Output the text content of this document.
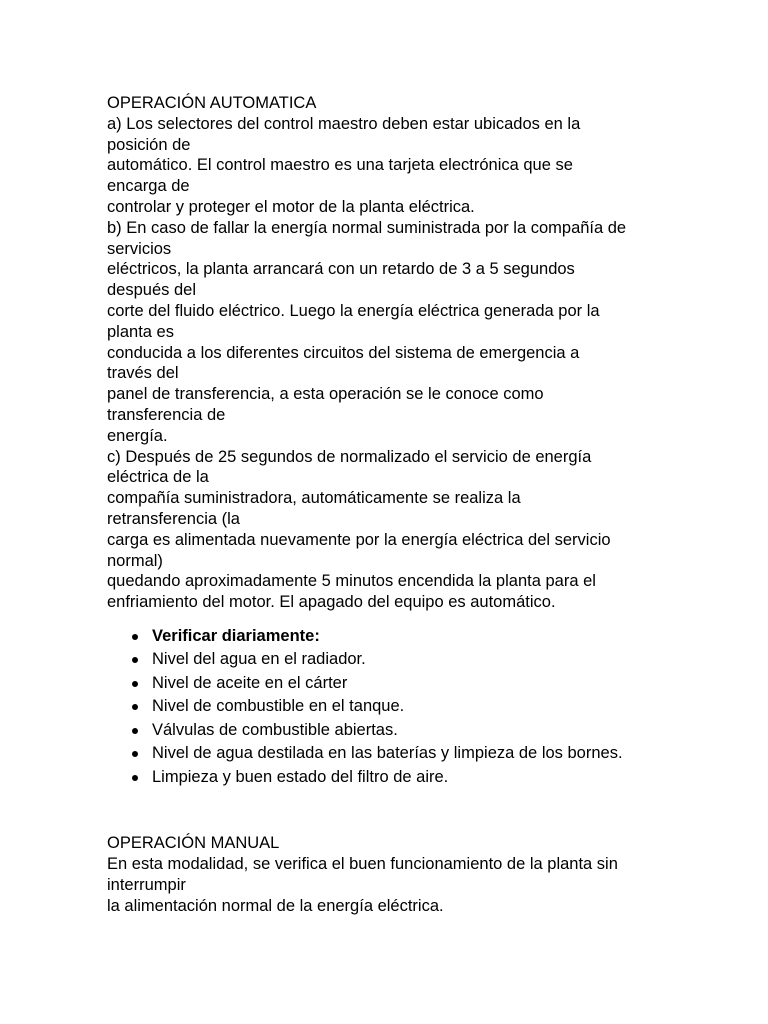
OPERACIÓN AUTOMATICA
a) Los selectores del control maestro deben estar ubicados en la
posición de
automático. El control maestro es una tarjeta electrónica que se
encarga de
controlar y proteger el motor de la planta eléctrica.
b) En caso de fallar la energía normal suministrada por la compañía de
servicios
eléctricos, la planta arrancará con un retardo de 3 a 5 segundos
después del
corte del fluido eléctrico. Luego la energía eléctrica generada por la
planta es
conducida a los diferentes circuitos del sistema de emergencia a
través del
panel de transferencia, a esta operación se le conoce como
transferencia de
energía.
c) Después de 25 segundos de normalizado el servicio de energía
eléctrica de la
compañía suministradora, automáticamente se realiza la
retransferencia (la
carga es alimentada nuevamente por la energía eléctrica del servicio
normal)
quedando aproximadamente 5 minutos encendida la planta para el
enfriamiento del motor. El apagado del equipo es automático.
Verificar diariamente:
Nivel del agua en el radiador.
Nivel de aceite en el cárter
Nivel de combustible en el tanque.
Válvulas de combustible abiertas.
Nivel de agua destilada en las baterías y limpieza de los bornes.
Limpieza y buen estado del filtro de aire.
OPERACIÓN MANUAL
En esta modalidad, se verifica el buen funcionamiento de la planta sin
interrumpir
la alimentación normal de la energía eléctrica.
